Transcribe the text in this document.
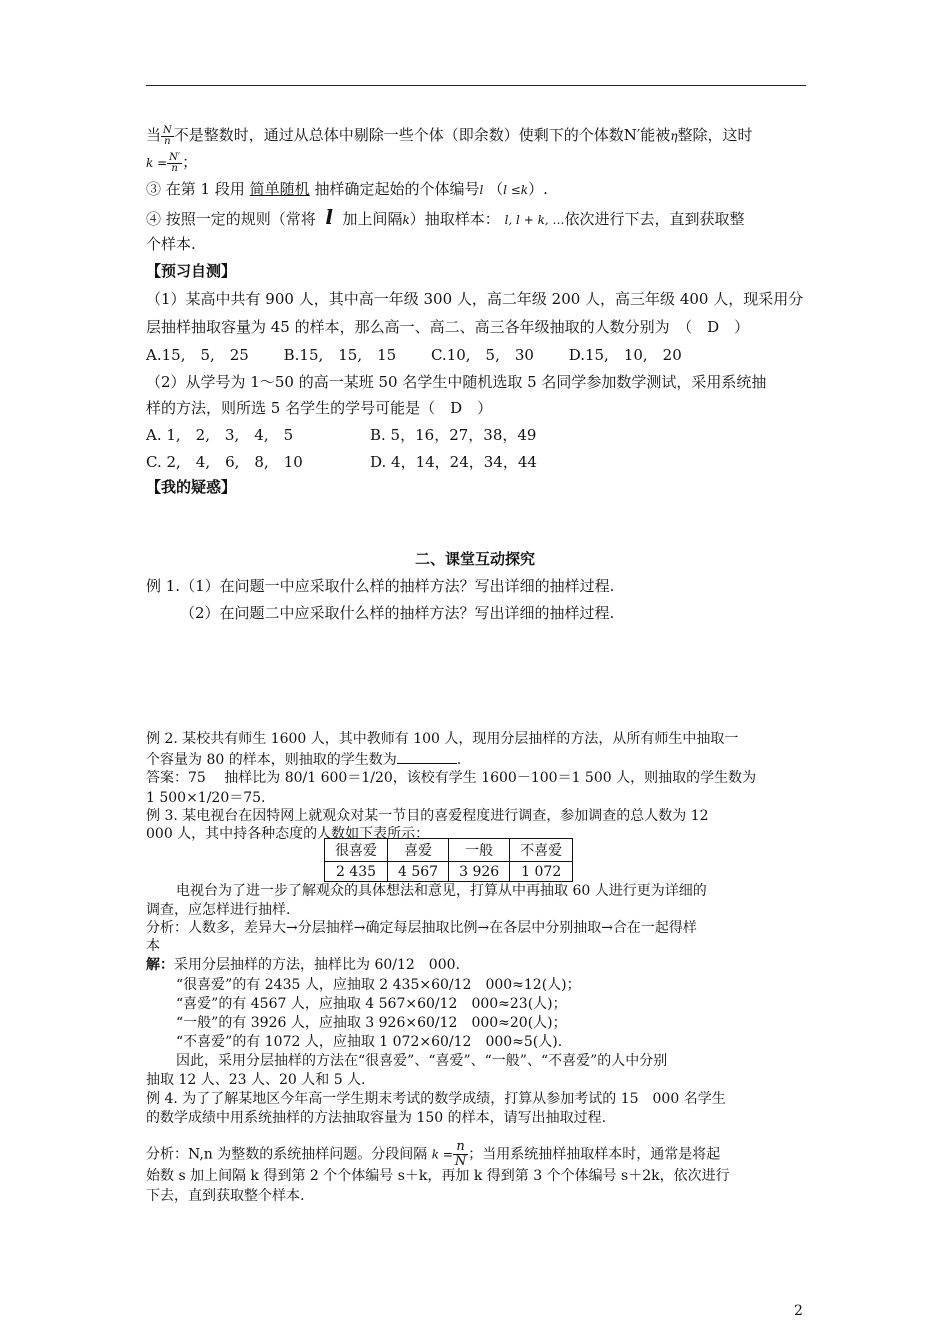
当 $\frac{N}{n}$ 不是整数时，通过从总体中剔除一些个体（即余数）使剩下的个体数N′能被η整除，这时
$k = \frac{N'}{n}$ ；
③ 在第 1 段用 简单随机 抽样确定起始的个体编号l （l ≤k）.
④ 按照一定的规则（常将 l 加上间隔k）抽取样本： l, l + k, …依次进行下去，直到获取整
个样本.
【预习自测】
（1）某高中共有 900 人，其中高一年级 300 人，高二年级 200 人，高三年级 400 人，现采用分
层抽样抽取容量为 45 的样本，那么高一、高二、高三各年级抽取的人数分别为　（　D　）
A.15,　5,　25　　 B.15,　15,　15　　 C.10,　5,　30　　 D.15,　10,　20
（2）从学号为 1～50 的高一某班 50 名学生中随机选取 5 名同学参加数学测试，采用系统抽
样的方法，则所选 5 名学生的学号可能是（　D　）
A. 1,　2,　3,　4,　5	B. 5，16，27，38，49
C. 2,　4,　6,　8,　10	D. 4，14，24，34，44
【我的疑惑】
二、课堂互动探究
例 1.（1）在问题一中应采取什么样的抽样方法？写出详细的抽样过程.
（2）在问题二中应采取什么样的抽样方法？写出详细的抽样过程.
例 2. 某校共有师生 1600 人，其中教师有 100 人，现用分层抽样的方法，从所有师生中抽取一
个容量为 80 的样本，则抽取的学生数为	.
答案：75　 抽样比为 80/1 600＝1/20，该校有学生 1600－100＝1 500 人，则抽取的学生数为
1 500×1/20＝75.
例 3. 某电视台在因特网上就观众对某一节目的喜爱程度进行调查，参加调查的总人数为 12
000 人，其中持各种态度的人数如下表所示：
很喜爱	喜爱	一般	不喜爱
2 435	4 567	3 926	1 072
电视台为了进一步了解观众的具体想法和意见，打算从中再抽取 60 人进行更为详细的
调查，应怎样进行抽样.
分析：人数多，差异大→分层抽样→确定每层抽取比例→在各层中分别抽取→合在一起得样
本
解：采用分层抽样的方法，抽样比为 60/12　000.
“很喜爱”的有 2435 人，应抽取 2 435×60/12　000≈12(人)；
“喜爱”的有 4567 人，应抽取 4 567×60/12　000≈23(人)；
“一般”的有 3926 人，应抽取 3 926×60/12　000≈20(人)；
“不喜爱”的有 1072 人，应抽取 1 072×60/12　000≈5(人).
因此，采用分层抽样的方法在“很喜爱”、“喜爱”、“一般”、“不喜爱”的人中分别
抽取 12 人、23 人、20 人和 5 人.
例 4. 为了了解某地区今年高一学生期末考试的数学成绩，打算从参加考试的 15　000 名学生
的数学成绩中用系统抽样的方法抽取容量为 150 的样本，请写出抽取过程.
分析：N,n 为整数的系统抽样问题。分段间隔 $k = \frac{n}{N}$ ；当用系统抽样抽取样本时，通常是将起
始数 s 加上间隔 k 得到第 2 个个体编号 s＋k，再加 k 得到第 3 个个体编号 s＋2k，依次进行
下去，直到获取整个样本.
2
